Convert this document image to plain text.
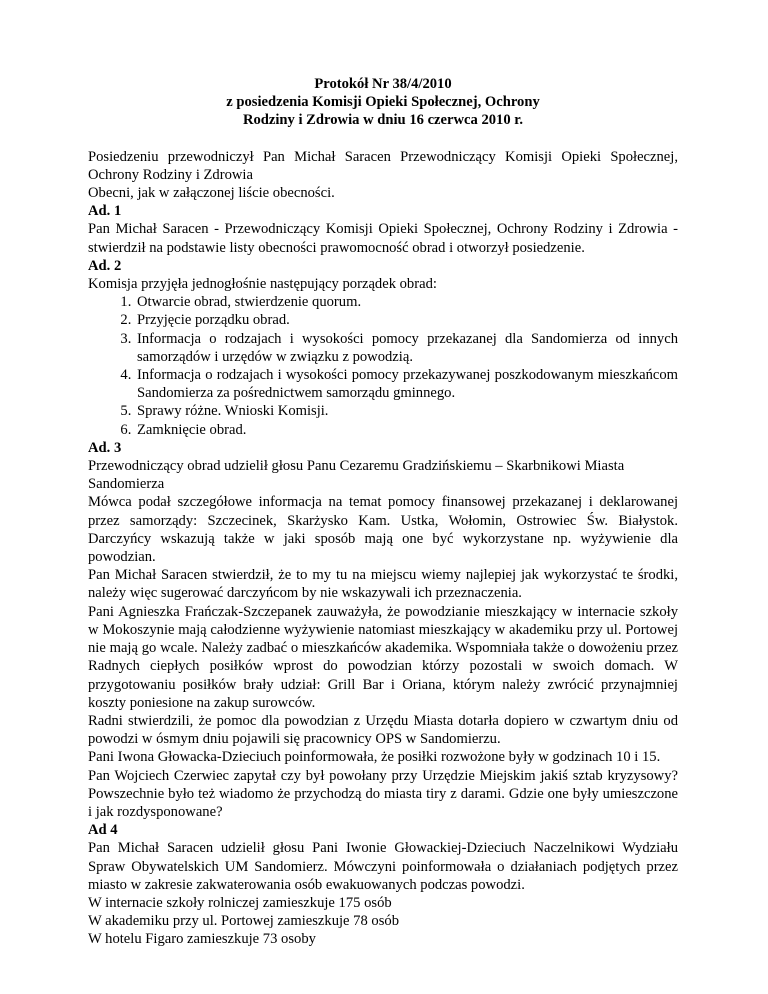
Protokół Nr 38/4/2010
z posiedzenia Komisji Opieki Społecznej, Ochrony
Rodziny i Zdrowia w dniu 16 czerwca 2010 r.

Posiedzeniu przewodniczył Pan Michał Saracen Przewodniczący Komisji Opieki Społecznej, Ochrony Rodziny i Zdrowia

Obecni, jak w załączonej liście obecności.

Ad. 1

Pan Michał Saracen - Przewodniczący Komisji Opieki Społecznej, Ochrony Rodziny i Zdrowia - stwierdził na podstawie listy obecności prawomocność obrad i otworzył posiedzenie.

Ad. 2

Komisja przyjęła jednogłośnie następujący porządek obrad:

1. Otwarcie obrad, stwierdzenie quorum.
2. Przyjęcie porządku obrad.
3. Informacja o rodzajach i wysokości pomocy przekazanej dla Sandomierza od innych samorządów i urzędów w związku z powodzią.
4. Informacja o rodzajach i wysokości pomocy przekazywanej poszkodowanym mieszkańcom Sandomierza za pośrednictwem samorządu gminnego.
5. Sprawy różne. Wnioski Komisji.
6. Zamknięcie obrad.

Ad. 3

Przewodniczący obrad udzielił głosu Panu Cezaremu Gradzińskiemu – Skarbnikowi Miasta Sandomierza

Mówca podał szczegółowe informacja na temat pomocy finansowej przekazanej i deklarowanej przez samorządy: Szczecinek, Skarżysko Kam. Ustka, Wołomin, Ostrowiec Św. Białystok. Darczyńcy wskazują także w jaki sposób mają one być wykorzystane np. wyżywienie dla powodzian.

Pan Michał Saracen stwierdził, że to my tu na miejscu wiemy najlepiej jak wykorzystać te środki, należy więc sugerować darczyńcom by nie wskazywali ich przeznaczenia.

Pani Agnieszka Frańczak-Szczepanek zauważyła, że powodzianie mieszkający w internacie szkoły w Mokoszynie mają całodzienne wyżywienie natomiast mieszkający w akademiku przy ul. Portowej nie mają go wcale. Należy zadbać o mieszkańców akademika. Wspomniała także o dowożeniu przez Radnych ciepłych posiłków wprost do powodzian którzy pozostali w swoich domach. W przygotowaniu posiłków brały udział: Grill Bar i Oriana, którym należy zwrócić przynajmniej koszty poniesione na zakup surowców.

Radni stwierdzili, że pomoc dla powodzian z Urzędu Miasta dotarła dopiero w czwartym dniu od powodzi w ósmym dniu pojawili się pracownicy OPS w Sandomierzu.

Pani Iwona Głowacka-Dzieciuch poinformowała, że posiłki rozwożone były w godzinach 10 i 15.

Pan Wojciech Czerwiec zapytał czy był powołany przy Urzędzie Miejskim jakiś sztab kryzysowy? Powszechnie było też wiadomo że przychodzą do miasta tiry z darami. Gdzie one były umieszczone i jak rozdysponowane?

Ad 4

Pan Michał Saracen udzielił głosu Pani Iwonie Głowackiej-Dzieciuch Naczelnikowi Wydziału Spraw Obywatelskich UM Sandomierz. Mówczyni poinformowała o działaniach podjętych przez miasto w zakresie zakwaterowania osób ewakuowanych podczas powodzi.

W internacie szkoły rolniczej zamieszkuje 175 osób

W akademiku przy ul. Portowej zamieszkuje 78 osób

W hotelu Figaro zamieszkuje 73 osoby
